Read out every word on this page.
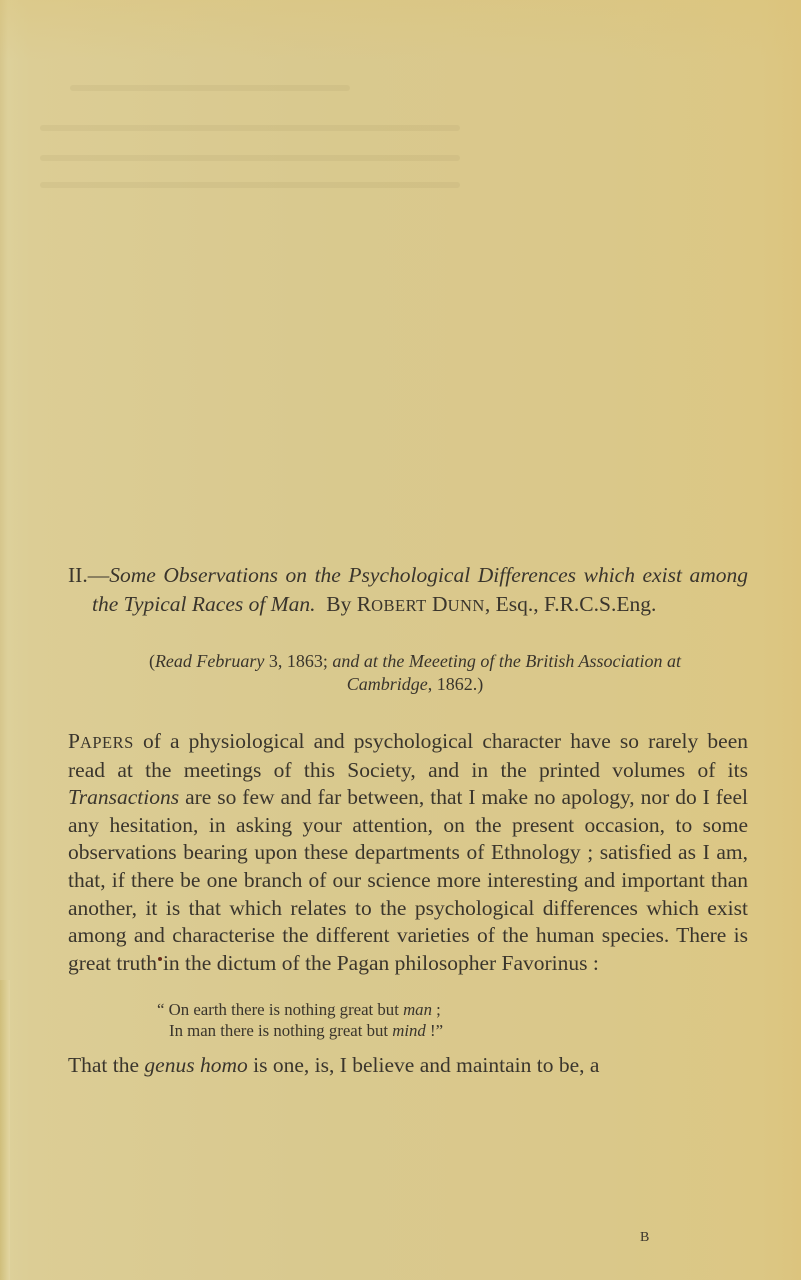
II.—Some Observations on the Psychological Differences which exist among the Typical Races of Man. By ROBERT DUNN, Esq., F.R.C.S.Eng.

(Read February 3, 1863; and at the Meeeting of the British Association at
Cambridge, 1862.)

PAPERS of a physiological and psychological character have so rarely been read at the meetings of this Society, and in the printed volumes of its Transactions are so few and far between, that I make no apology, nor do I feel any hesitation, in asking your attention, on the present occasion, to some observations bearing upon these departments of Ethnology ; satisfied as I am, that, if there be one branch of our science more interesting and important than another, it is that which relates to the psychological differences which exist among and characterise the different varieties of the human species. There is great truth in the dictum of the Pagan philosopher Favorinus :

“ On earth there is nothing great but man ;
In man there is nothing great but mind !”
That the genus homo is one, is, I believe and maintain to be, a
B
